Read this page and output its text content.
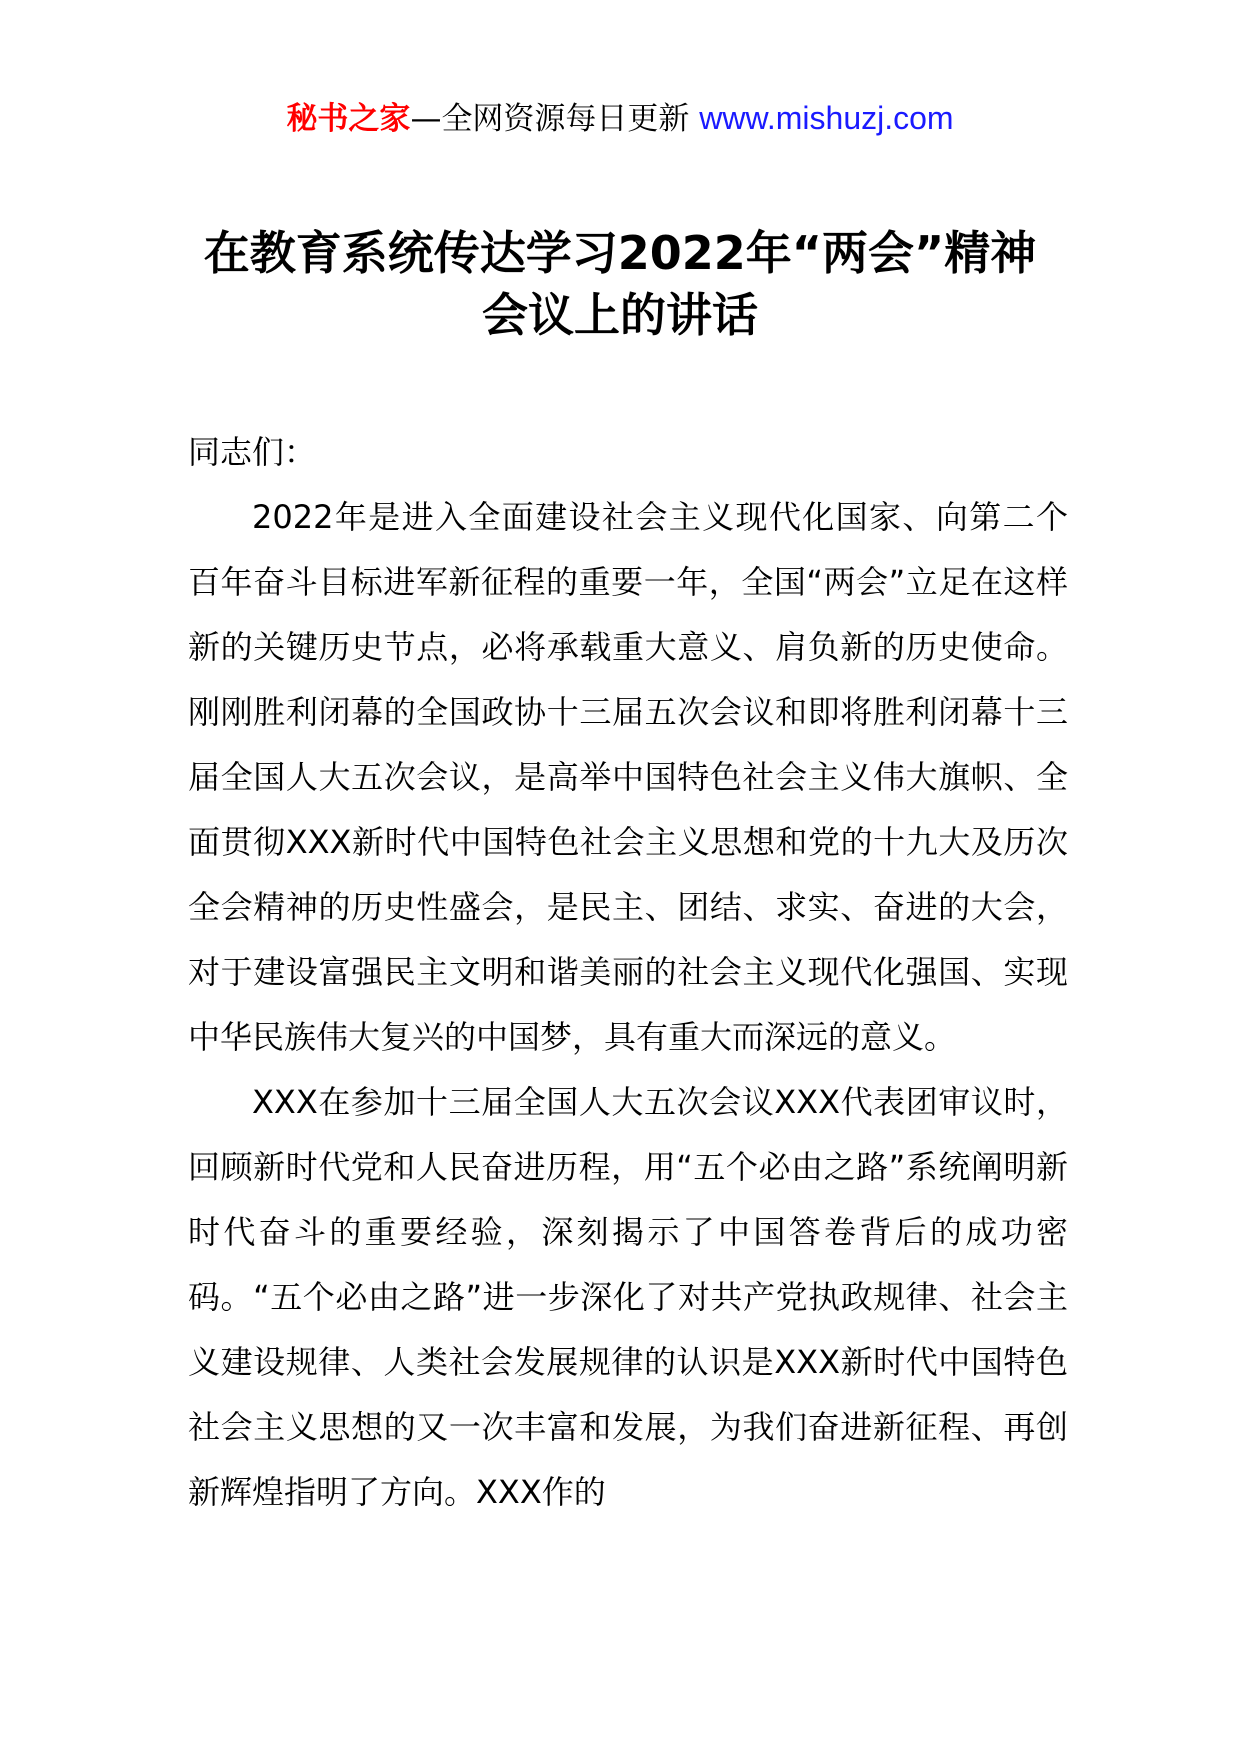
秘书之家—全网资源每日更新 www.mishuzj.com
在教育系统传达学习2022年“两会”精神
会议上的讲话

同志们：

2022年是进入全面建设社会主义现代化国家、向第二个百年奋斗目标进军新征程的重要一年，全国“两会”立足在这样新的关键历史节点，必将承载重大意义、肩负新的历史使命。刚刚胜利闭幕的全国政协十三届五次会议和即将胜利闭幕十三届全国人大五次会议，是高举中国特色社会主义伟大旗帜、全面贯彻XXX新时代中国特色社会主义思想和党的十九大及历次全会精神的历史性盛会，是民主、团结、求实、奋进的大会，对于建设富强民主文明和谐美丽的社会主义现代化强国、实现中华民族伟大复兴的中国梦，具有重大而深远的意义。

XXX在参加十三届全国人大五次会议XXX代表团审议时，回顾新时代党和人民奋进历程，用“五个必由之路”系统阐明新时代奋斗的重要经验，深刻揭示了中国答卷背后的成功密码。“五个必由之路”进一步深化了对共产党执政规律、社会主义建设规律、人类社会发展规律的认识是XXX新时代中国特色社会主义思想的又一次丰富和发展，为我们奋进新征程、再创新辉煌指明了方向。XXX作的
